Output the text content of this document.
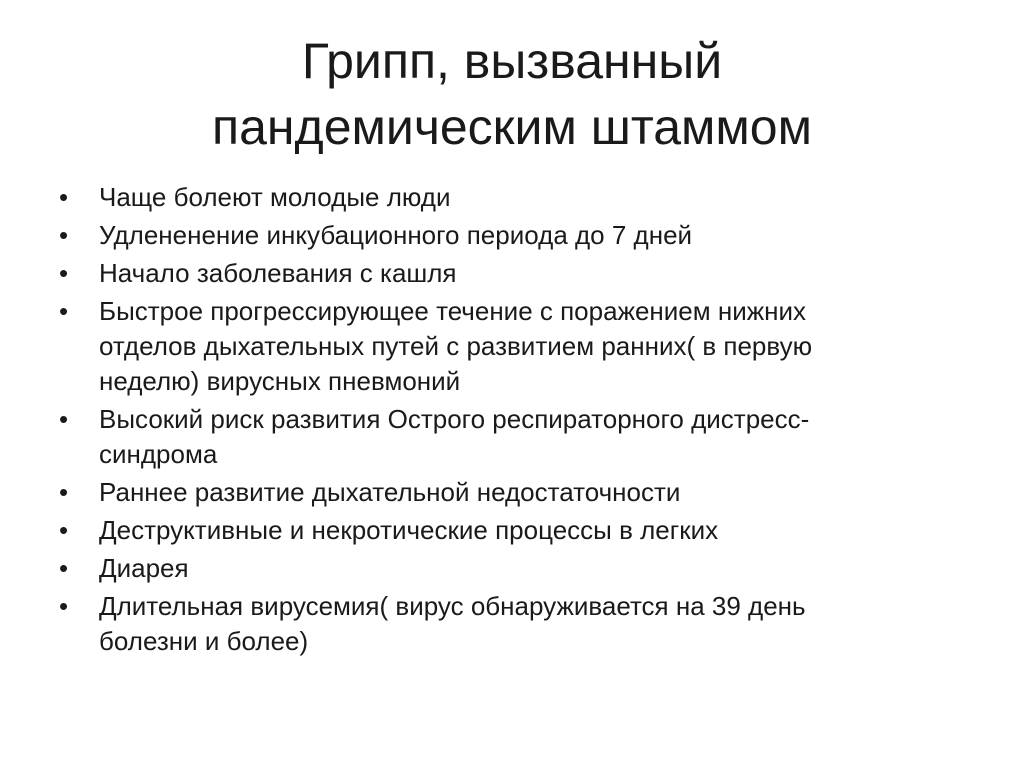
Грипп, вызванный
пандемическим штаммом
• Чаще болеют молодые люди
• Удлененение инкубационного периода до 7 дней
• Начало заболевания с кашля
• Быстрое прогрессирующее течение с поражением нижних отделов дыхательных путей с развитием ранних( в первую неделю) вирусных пневмоний
• Высокий риск развития Острого респираторного дистресс-синдрома
• Раннее развитие дыхательной недостаточности
• Деструктивные и некротические процессы в легких
• Диарея
• Длительная вирусемия( вирус обнаруживается на 39 день болезни и более)
